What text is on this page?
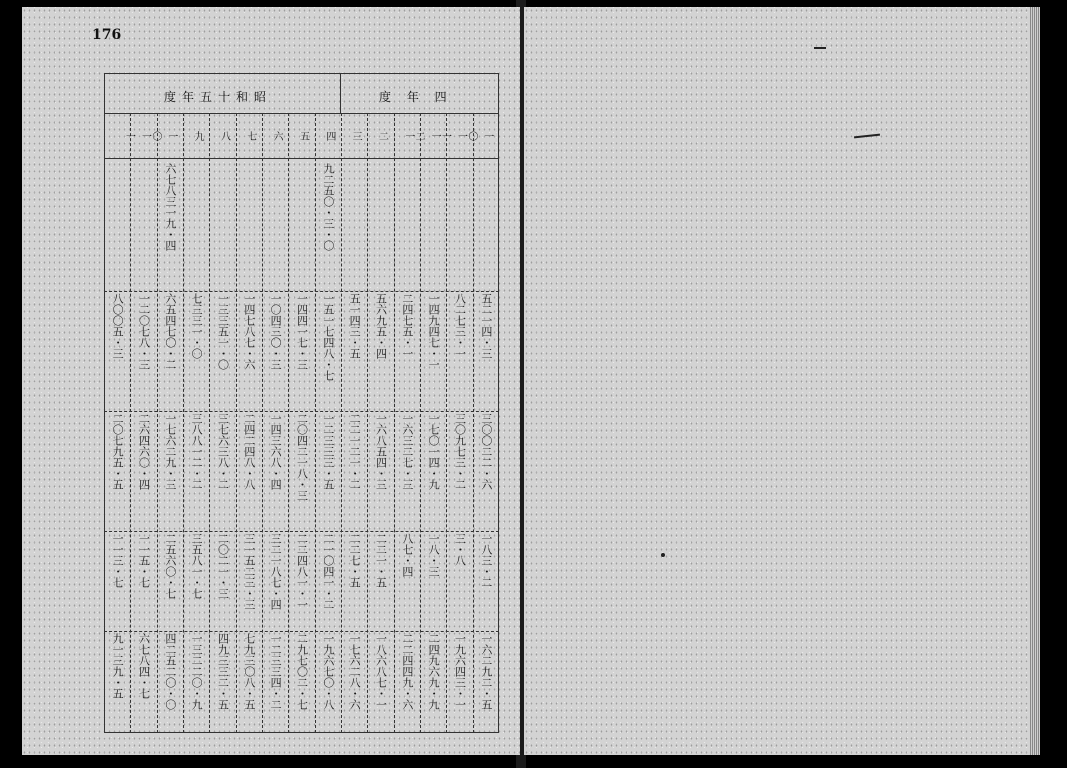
176
度年五十和昭	度 年 四
一〇
五二一四・三
三〇〇二二・六
一八三・二
一六二九二・五
一一
八二七三・一
三〇九七三・二
三・八
一九六四三・一
一二
一四九四七・一
一七〇一四・九
一八・三
二四九六九・九
一
二四七五・一
一六三二七・三
八七・四
二二四四九・六
二
五六九五・四
一六八五四・三
二二一・五
一八六八七・一
三
五一四三・五
二二一二一・二
二二七・五
一七六二八・六
四
九二五〇・三・〇
一五一七四八・七
一二三三三・五
二一〇四一・二
一九六七〇・八
五
一四四一七・三
二〇四二一八・三
二二四八一・一
二九七〇二・七
六
一〇四三〇・三
一四三六八・四
三二一八七・四
一二三三四・二
七
一四七八七・六
二四二四八・八
三一五二三・三
七九三〇八・五
八
一三三五一・〇
三七六三八・二
二〇二一・三
四九三三二・五
九
七三三一・〇
三八八一二・二
三五八一・七
一三二二〇・九
一〇
六七八三一九・四
六五四七〇・二
一七六二九・三
二五六〇・七
四二五二〇・〇
一一
一二〇七八・三
二六四六〇・四
一一五・七
六七八四・七
八〇〇五・三
二〇七九五・五
一一三・七
九一三九・五
